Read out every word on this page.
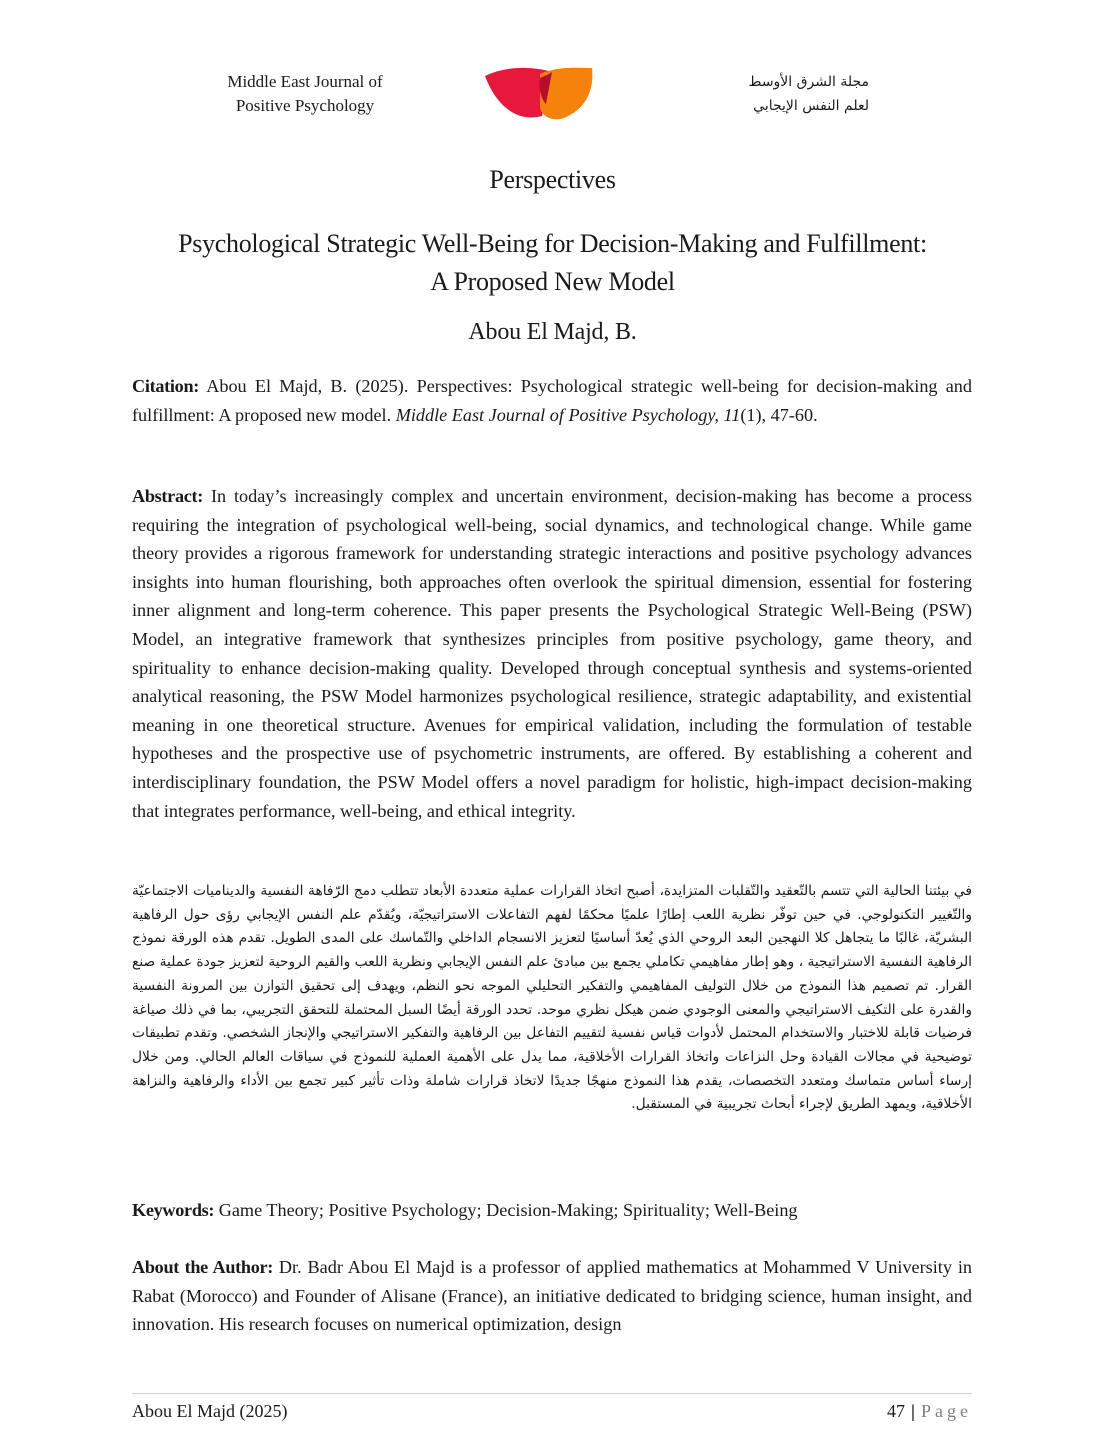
Middle East Journal of
Positive Psychology
مجلة الشرق الأوسط
لعلم النفس الإيجابي
Perspectives
Psychological Strategic Well-Being for Decision-Making and Fulfillment:
A Proposed New Model
Abou El Majd, B.
Citation: Abou El Majd, B. (2025). Perspectives: Psychological strategic well-being for decision-making and fulfillment: A proposed new model. Middle East Journal of Positive Psychology, 11(1), 47-60.
Abstract: In today’s increasingly complex and uncertain environment, decision-making has become a process requiring the integration of psychological well-being, social dynamics, and technological change. While game theory provides a rigorous framework for understanding strategic interactions and positive psychology advances insights into human flourishing, both approaches often overlook the spiritual dimension, essential for fostering inner alignment and long-term coherence. This paper presents the Psychological Strategic Well-Being (PSW) Model, an integrative framework that synthesizes principles from positive psychology, game theory, and spirituality to enhance decision-making quality. Developed through conceptual synthesis and systems-oriented analytical reasoning, the PSW Model harmonizes psychological resilience, strategic adaptability, and existential meaning in one theoretical structure. Avenues for empirical validation, including the formulation of testable hypotheses and the prospective use of psychometric instruments, are offered. By establishing a coherent and interdisciplinary foundation, the PSW Model offers a novel paradigm for holistic, high-impact decision-making that integrates performance, well-being, and ethical integrity.
في بيئتنا الحالية التي تتسم بالتّعقيد والتّقلبات المتزايدة، أصبح اتخاذ القرارات عملية متعددة الأبعاد تتطلب دمج الرّفاهة النفسية والديناميات الاجتماعيّة والتّغيير التكنولوجي. في حين توفّر نظرية اللعب إطارًا علميًا محكمًا لفهم التفاعلات الاستراتيجيّة، ويُقدّم علم النفس الإيجابي رؤى حول الرفاهية البشريّة، غالبًا ما يتجاهل كلا النهجين البعد الروحي الذي يُعدّ أساسيًا لتعزيز الانسجام الداخلي والتّماسك على المدى الطويل. تقدم هذه الورقة نموذج الرفاهية النفسية الاستراتيجية ، وهو إطار مفاهيمي تكاملي يجمع بين مبادئ علم النفس الإيجابي ونظرية اللعب والقيم الروحية لتعزيز جودة عملية صنع القرار. تم تصميم هذا النموذج من خلال التوليف المفاهيمي والتفكير التحليلي الموجه نحو النظم، ويهدف إلى تحقيق التوازن بين المرونة النفسية والقدرة على التكيف الاستراتيجي والمعنى الوجودي ضمن هيكل نظري موحد. تحدد الورقة أيضًا السبل المحتملة للتحقق التجريبي، بما في ذلك صياغة فرضيات قابلة للاختبار والاستخدام المحتمل لأدوات قياس نفسية لتقييم التفاعل بين الرفاهية والتفكير الاستراتيجي والإنجاز الشخصي. وتقدم تطبيقات توضيحية في مجالات القيادة وحل النزاعات واتخاذ القرارات الأخلاقية، مما يدل على الأهمية العملية للنموذج في سياقات العالم الحالي. ومن خلال إرساء أساس متماسك ومتعدد التخصصات، يقدم هذا النموذج منهجًا جديدًا لاتخاذ قرارات شاملة وذات تأثير كبير تجمع بين الأداء والرفاهية والنزاهة الأخلاقية، ويمهد الطريق لإجراء أبحاث تجريبية في المستقبل.
Keywords: Game Theory; Positive Psychology; Decision-Making; Spirituality; Well-Being
About the Author: Dr. Badr Abou El Majd is a professor of applied mathematics at Mohammed V University in Rabat (Morocco) and Founder of Alisane (France), an initiative dedicated to bridging science, human insight, and innovation. His research focuses on numerical optimization, design
Abou El Majd (2025)	47 | Page
